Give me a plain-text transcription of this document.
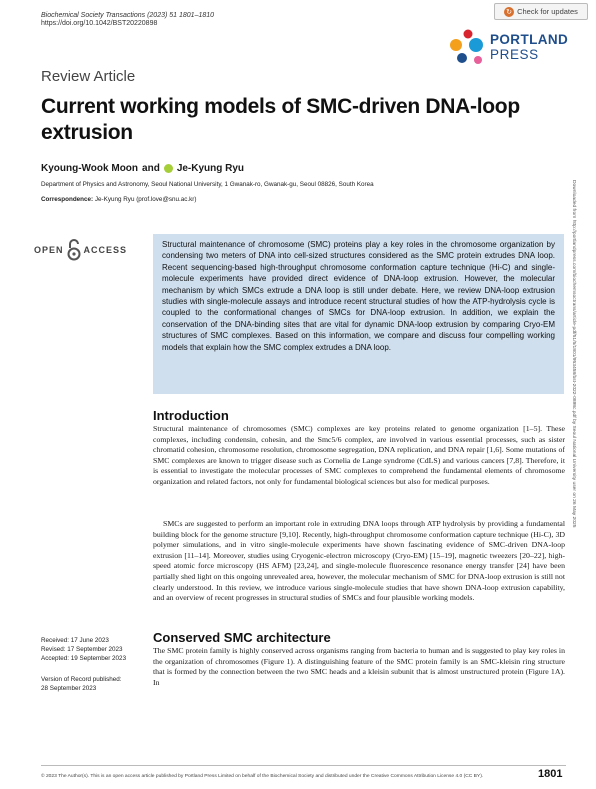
Biochemical Society Transactions (2023) 51 1801–1810
https://doi.org/10.1042/BST20220898
↻ Check for updates
PORTLAND
PRESS
Review Article
Current working models of SMC-driven DNA-loop extrusion
Kyoung-Wook Moon and Je-Kyung Ryu
Department of Physics and Astronomy, Seoul National University, 1 Gwanak-ro, Gwanak-gu, Seoul 08826, South Korea
Correspondence: Je-Kyung Ryu (prof.love@snu.ac.kr)
OPEN ACCESS
Structural maintenance of chromosome (SMC) proteins play a key roles in the chromosome organization by condensing two meters of DNA into cell-sized structures considered as the SMC protein extrudes DNA loop. Recent sequencing-based high-throughput chromosome conformation capture technique (Hi-C) and single-molecule experiments have provided direct evidence of DNA-loop extrusion. However, the molecular mechanism by which SMCs extrude a DNA loop is still under debate. Here, we review DNA-loop extrusion studies with single-molecule assays and introduce recent structural studies of how the ATP-hydrolysis cycle is coupled to the conformational changes of SMCs for DNA-loop extrusion. In addition, we explain the conservation of the DNA-binding sites that are vital for dynamic DNA-loop extrusion by comparing Cryo-EM structures of SMC complexes. Based on this information, we compare and discuss four compelling working models that explain how the SMC complex extrudes a DNA loop.	Downloaded from http://portlandpress.com/biochemsoctrans/article-pdf/51/5/1801/953458/bst-2022-0898c.pdf by Seoul National University user on 26 May 2025
Introduction
Structural maintenance of chromosomes (SMC) complexes are key proteins related to genome organization [1–5]. These complexes, including condensin, cohesin, and the Smc5/6 complex, are involved in various essential processes, such as sister chromatid cohesion, chromosome resolution, chromosome segregation, DNA replication, and DNA repair [1,6]. Some mutations of SMC complexes are known to trigger disease such as Cornelia de Lange syndrome (CdLS) and various cancers [7,8]. Therefore, it is essential to investigate the molecular processes of SMC complexes to comprehend the fundamental elements of chromosome organization and related factors, not only for fundamental biological sciences but also for medical purposes.
SMCs are suggested to perform an important role in extruding DNA loops through ATP hydrolysis by providing a fundamental building block for the genome structure [9,10]. Recently, high-throughput chromosome conformation capture technique (Hi-C), 3D polymer simulations, and in vitro single-molecule experiments have shown fascinating evidence of SMC-driven DNA-loop extrusion [11–14]. Moreover, studies using Cryogenic-electron microscopy (Cryo-EM) [15–19], magnetic tweezers [20–22], high-speed atomic force microscopy (HS AFM) [23,24], and single-molecule fluorescence resonance energy transfer [24] have been partially shed light on this ongoing unrevealed area, however, the molecular mechanism of SMC for DNA-loop extrusion is still not clearly understood. In this review, we introduce various single-molecule studies that have shown DNA-loop extrusion capability, and an overview of recent progresses in structural studies of SMCs and four plausible working models.
Received: 17 June 2023
Revised: 17 September 2023
Accepted: 19 September 2023
Version of Record published:
28 September 2023
Conserved SMC architecture
The SMC protein family is highly conserved across organisms ranging from bacteria to human and is suggested to play key roles in the organization of chromosomes (Figure 1). A distinguishing feature of the SMC protein family is an SMC-kleisin ring structure that is formed by the connection between the two SMC heads and a kleisin subunit that is almost unstructured protein (Figure 1A). In
© 2023 The Author(s). This is an open access article published by Portland Press Limited on behalf of the Biochemical Society and distributed under the Creative Commons Attribution License 4.0 (CC BY).	1801
